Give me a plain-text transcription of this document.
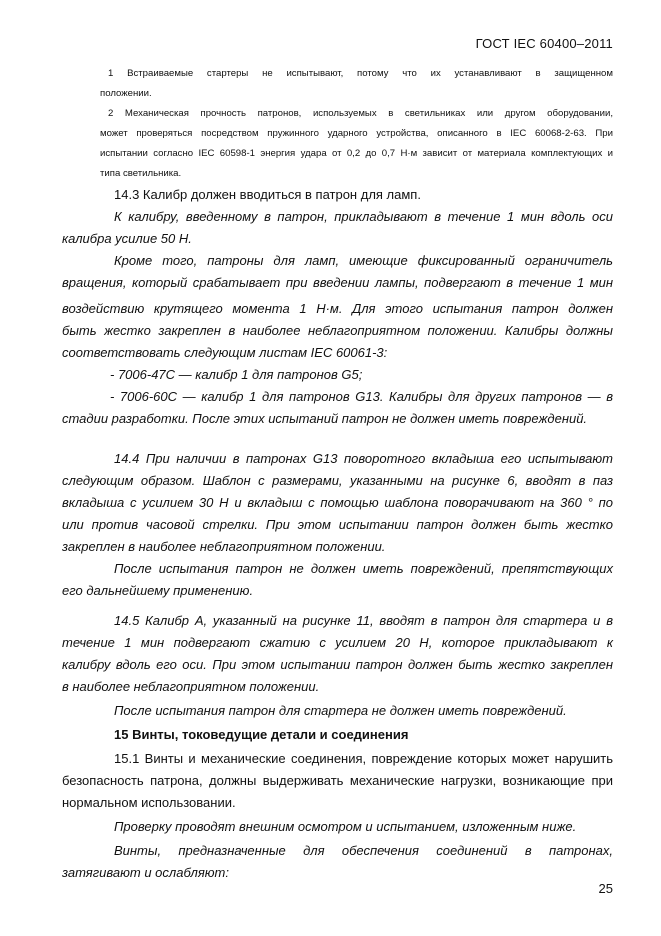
ГОСТ IEC 60400–2011
1 Встраиваемые стартеры не испытывают, потому что их устанавливают в защищенном
положении.
2 Механическая прочность патронов, используемых в светильниках или другом оборудовании,
может проверяться посредством пружинного ударного устройства, описанного в IEC 60068-2-63. При
испытании согласно IEC 60598-1 энергия удара от 0,2 до 0,7 Н·м зависит от материала комплектующих и
типа светильника.
14.3 Калибр должен вводиться в патрон для ламп.
К калибру, введенному в патрон, прикладывают в течение 1 мин вдоль оси
калибра усилие 50 Н.
Кроме того, патроны для ламп, имеющие фиксированный ограничитель
вращения, который срабатывает при введении лампы, подвергают в течение 1 мин
воздействию крутящего момента 1 Н·м. Для этого испытания патрон должен
быть жестко закреплен в наиболее неблагоприятном положении. Калибры должны
соответствовать следующим листам IEC 60061-3:
- 7006-47C — калибр 1 для патронов G5;
- 7006-60C — калибр 1 для патронов G13. Калибры для других патронов — в
стадии разработки. После этих испытаний патрон не должен иметь повреждений.
14.4 При наличии в патронах G13 поворотного вкладыша его испытывают
следующим образом. Шаблон с размерами, указанными на рисунке 6, вводят в паз
вкладыша с усилием 30 Н и вкладыш с помощью шаблона поворачивают на 360 ° по
или против часовой стрелки. При этом испытании патрон должен быть жестко
закреплен в наиболее неблагоприятном положении.
После испытания патрон не должен иметь повреждений, препятствующих
его дальнейшему применению.
14.5 Калибр А, указанный на рисунке 11, вводят в патрон для стартера и в
течение 1 мин подвергают сжатию с усилием 20 Н, которое прикладывают к
калибру вдоль его оси. При этом испытании патрон должен быть жестко закреплен
в наиболее неблагоприятном положении.
После испытания патрон для стартера не должен иметь повреждений.
15 Винты, токоведущие детали и соединения
15.1 Винты и механические соединения, повреждение которых может нарушить
безопасность патрона, должны выдерживать механические нагрузки, возникающие при
нормальном использовании.
Проверку проводят внешним осмотром и испытанием, изложенным ниже.
Винты, предназначенные для обеспечения соединений в патронах,
затягивают и ослабляют:
25
